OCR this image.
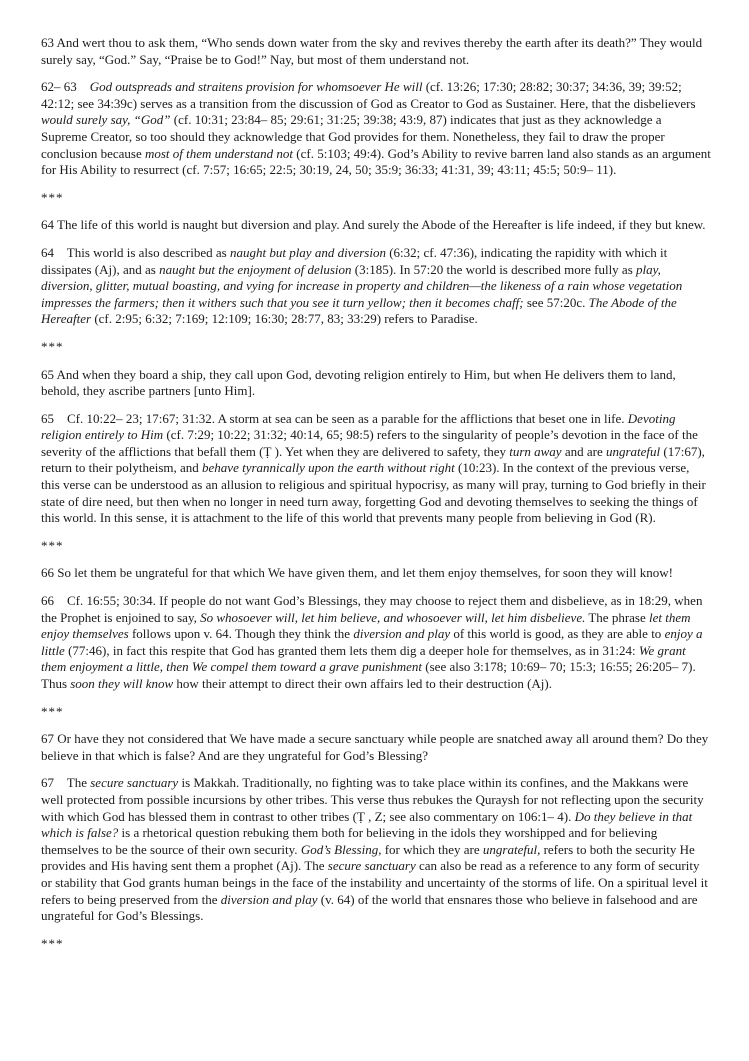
63 And wert thou to ask them, “Who sends down water from the sky and revives thereby the earth after its death?” They would surely say, “God.” Say, “Praise be to God!” Nay, but most of them understand not.

62– 63    God outspreads and straitens provision for whomsoever He will (cf. 13:26; 17:30; 28:82; 30:37; 34:36, 39; 39:52; 42:12; see 34:39c) serves as a transition from the discussion of God as Creator to God as Sustainer. Here, that the disbelievers would surely say, “God” (cf. 10:31; 23:84– 85; 29:61; 31:25; 39:38; 43:9, 87) indicates that just as they acknowledge a Supreme Creator, so too should they acknowledge that God provides for them. Nonetheless, they fail to draw the proper conclusion because most of them understand not (cf. 5:103; 49:4). God’s Ability to revive barren land also stands as an argument for His Ability to resurrect (cf. 7:57; 16:65; 22:5; 30:19, 24, 50; 35:9; 36:33; 41:31, 39; 43:11; 45:5; 50:9– 11).

***

64 The life of this world is naught but diversion and play. And surely the Abode of the Hereafter is life indeed, if they but knew.

64    This world is also described as naught but play and diversion (6:32; cf. 47:36), indicating the rapidity with which it dissipates (Aj), and as naught but the enjoyment of delusion (3:185). In 57:20 the world is described more fully as play, diversion, glitter, mutual boasting, and vying for increase in property and children—the likeness of a rain whose vegetation impresses the farmers; then it withers such that you see it turn yellow; then it becomes chaff; see 57:20c. The Abode of the Hereafter (cf. 2:95; 6:32; 7:169; 12:109; 16:30; 28:77, 83; 33:29) refers to Paradise.

***

65 And when they board a ship, they call upon God, devoting religion entirely to Him, but when He delivers them to land, behold, they ascribe partners [unto Him].

65    Cf. 10:22– 23; 17:67; 31:32. A storm at sea can be seen as a parable for the afflictions that beset one in life. Devoting religion entirely to Him (cf. 7:29; 10:22; 31:32; 40:14, 65; 98:5) refers to the singularity of people’s devotion in the face of the severity of the afflictions that befall them (Ṭ ). Yet when they are delivered to safety, they turn away and are ungrateful (17:67), return to their polytheism, and behave tyrannically upon the earth without right (10:23). In the context of the previous verse, this verse can be understood as an allusion to religious and spiritual hypocrisy, as many will pray, turning to God briefly in their state of dire need, but then when no longer in need turn away, forgetting God and devoting themselves to seeking the things of this world. In this sense, it is attachment to the life of this world that prevents many people from believing in God (R).

***

66 So let them be ungrateful for that which We have given them, and let them enjoy themselves, for soon they will know!

66    Cf. 16:55; 30:34. If people do not want God’s Blessings, they may choose to reject them and disbelieve, as in 18:29, when the Prophet is enjoined to say, So whosoever will, let him believe, and whosoever will, let him disbelieve. The phrase let them enjoy themselves follows upon v. 64. Though they think the diversion and play of this world is good, as they are able to enjoy a little (77:46), in fact this respite that God has granted them lets them dig a deeper hole for themselves, as in 31:24: We grant them enjoyment a little, then We compel them toward a grave punishment (see also 3:178; 10:69– 70; 15:3; 16:55; 26:205– 7). Thus soon they will know how their attempt to direct their own affairs led to their destruction (Aj).

***

67 Or have they not considered that We have made a secure sanctuary while people are snatched away all around them? Do they believe in that which is false? And are they ungrateful for God’s Blessing?

67    The secure sanctuary is Makkah. Traditionally, no fighting was to take place within its confines, and the Makkans were well protected from possible incursions by other tribes. This verse thus rebukes the Quraysh for not reflecting upon the security with which God has blessed them in contrast to other tribes (Ṭ , Z; see also commentary on 106:1– 4). Do they believe in that which is false? is a rhetorical question rebuking them both for believing in the idols they worshipped and for believing themselves to be the source of their own security. God’s Blessing, for which they are ungrateful, refers to both the security He provides and His having sent them a prophet (Aj). The secure sanctuary can also be read as a reference to any form of security or stability that God grants human beings in the face of the instability and uncertainty of the storms of life. On a spiritual level it refers to being preserved from the diversion and play (v. 64) of the world that ensnares those who believe in falsehood and are ungrateful for God’s Blessings.

***
